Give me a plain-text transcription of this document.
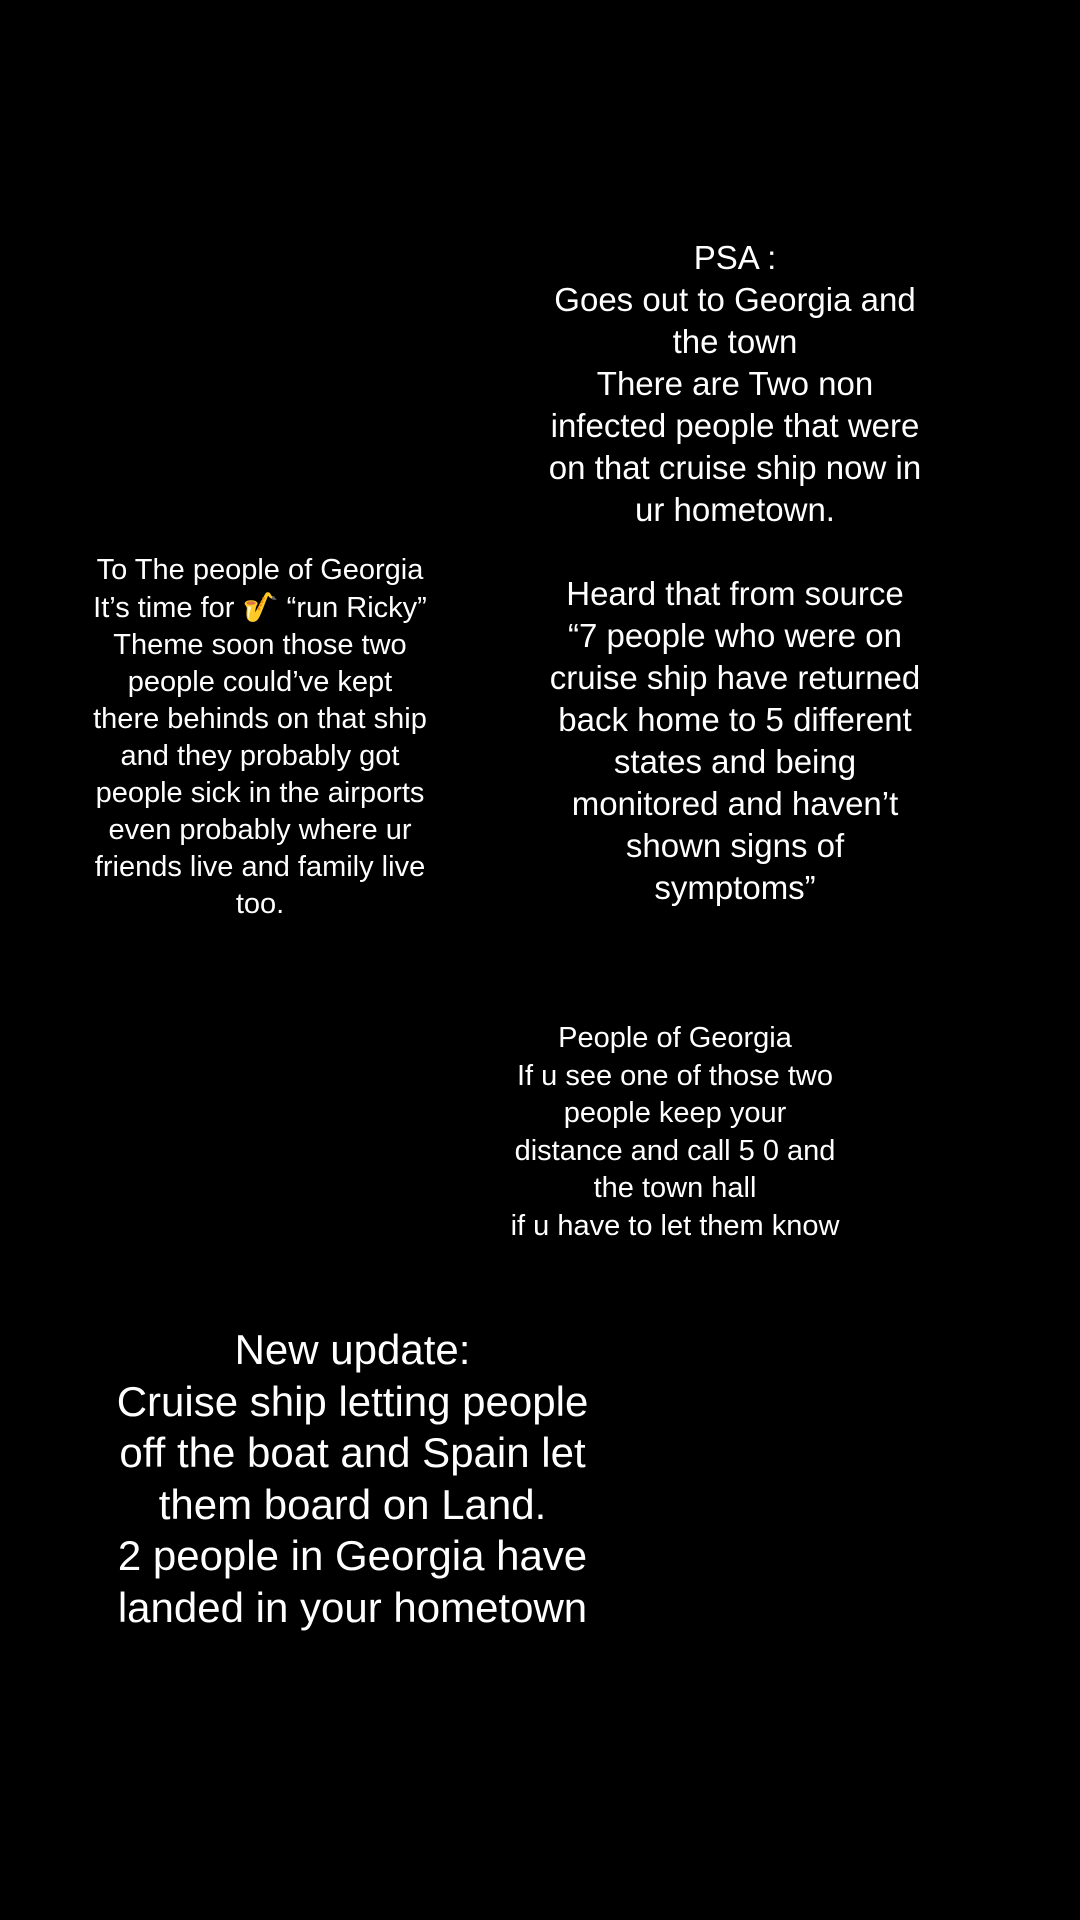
PSA :
Goes out to Georgia and
the town
There are Two non
infected people that were
on that cruise ship now in
ur hometown.
Heard that from source
“7 people who were on
cruise ship have returned
back home to 5 different
states and being
monitored and haven’t
shown signs of
symptoms”
To The people of Georgia
It’s time for 🎷 “run Ricky”
Theme soon those two
people could’ve kept
there behinds on that ship
and they probably got
people sick in the airports
even probably where ur
friends live and family live
too.
People of Georgia
If u see one of those two
people keep your
distance and call 5 0 and
the town hall
if u have to let them know
New update:
Cruise ship letting people
off the boat and Spain let
them board on Land.
2 people in Georgia have
landed in your hometown
